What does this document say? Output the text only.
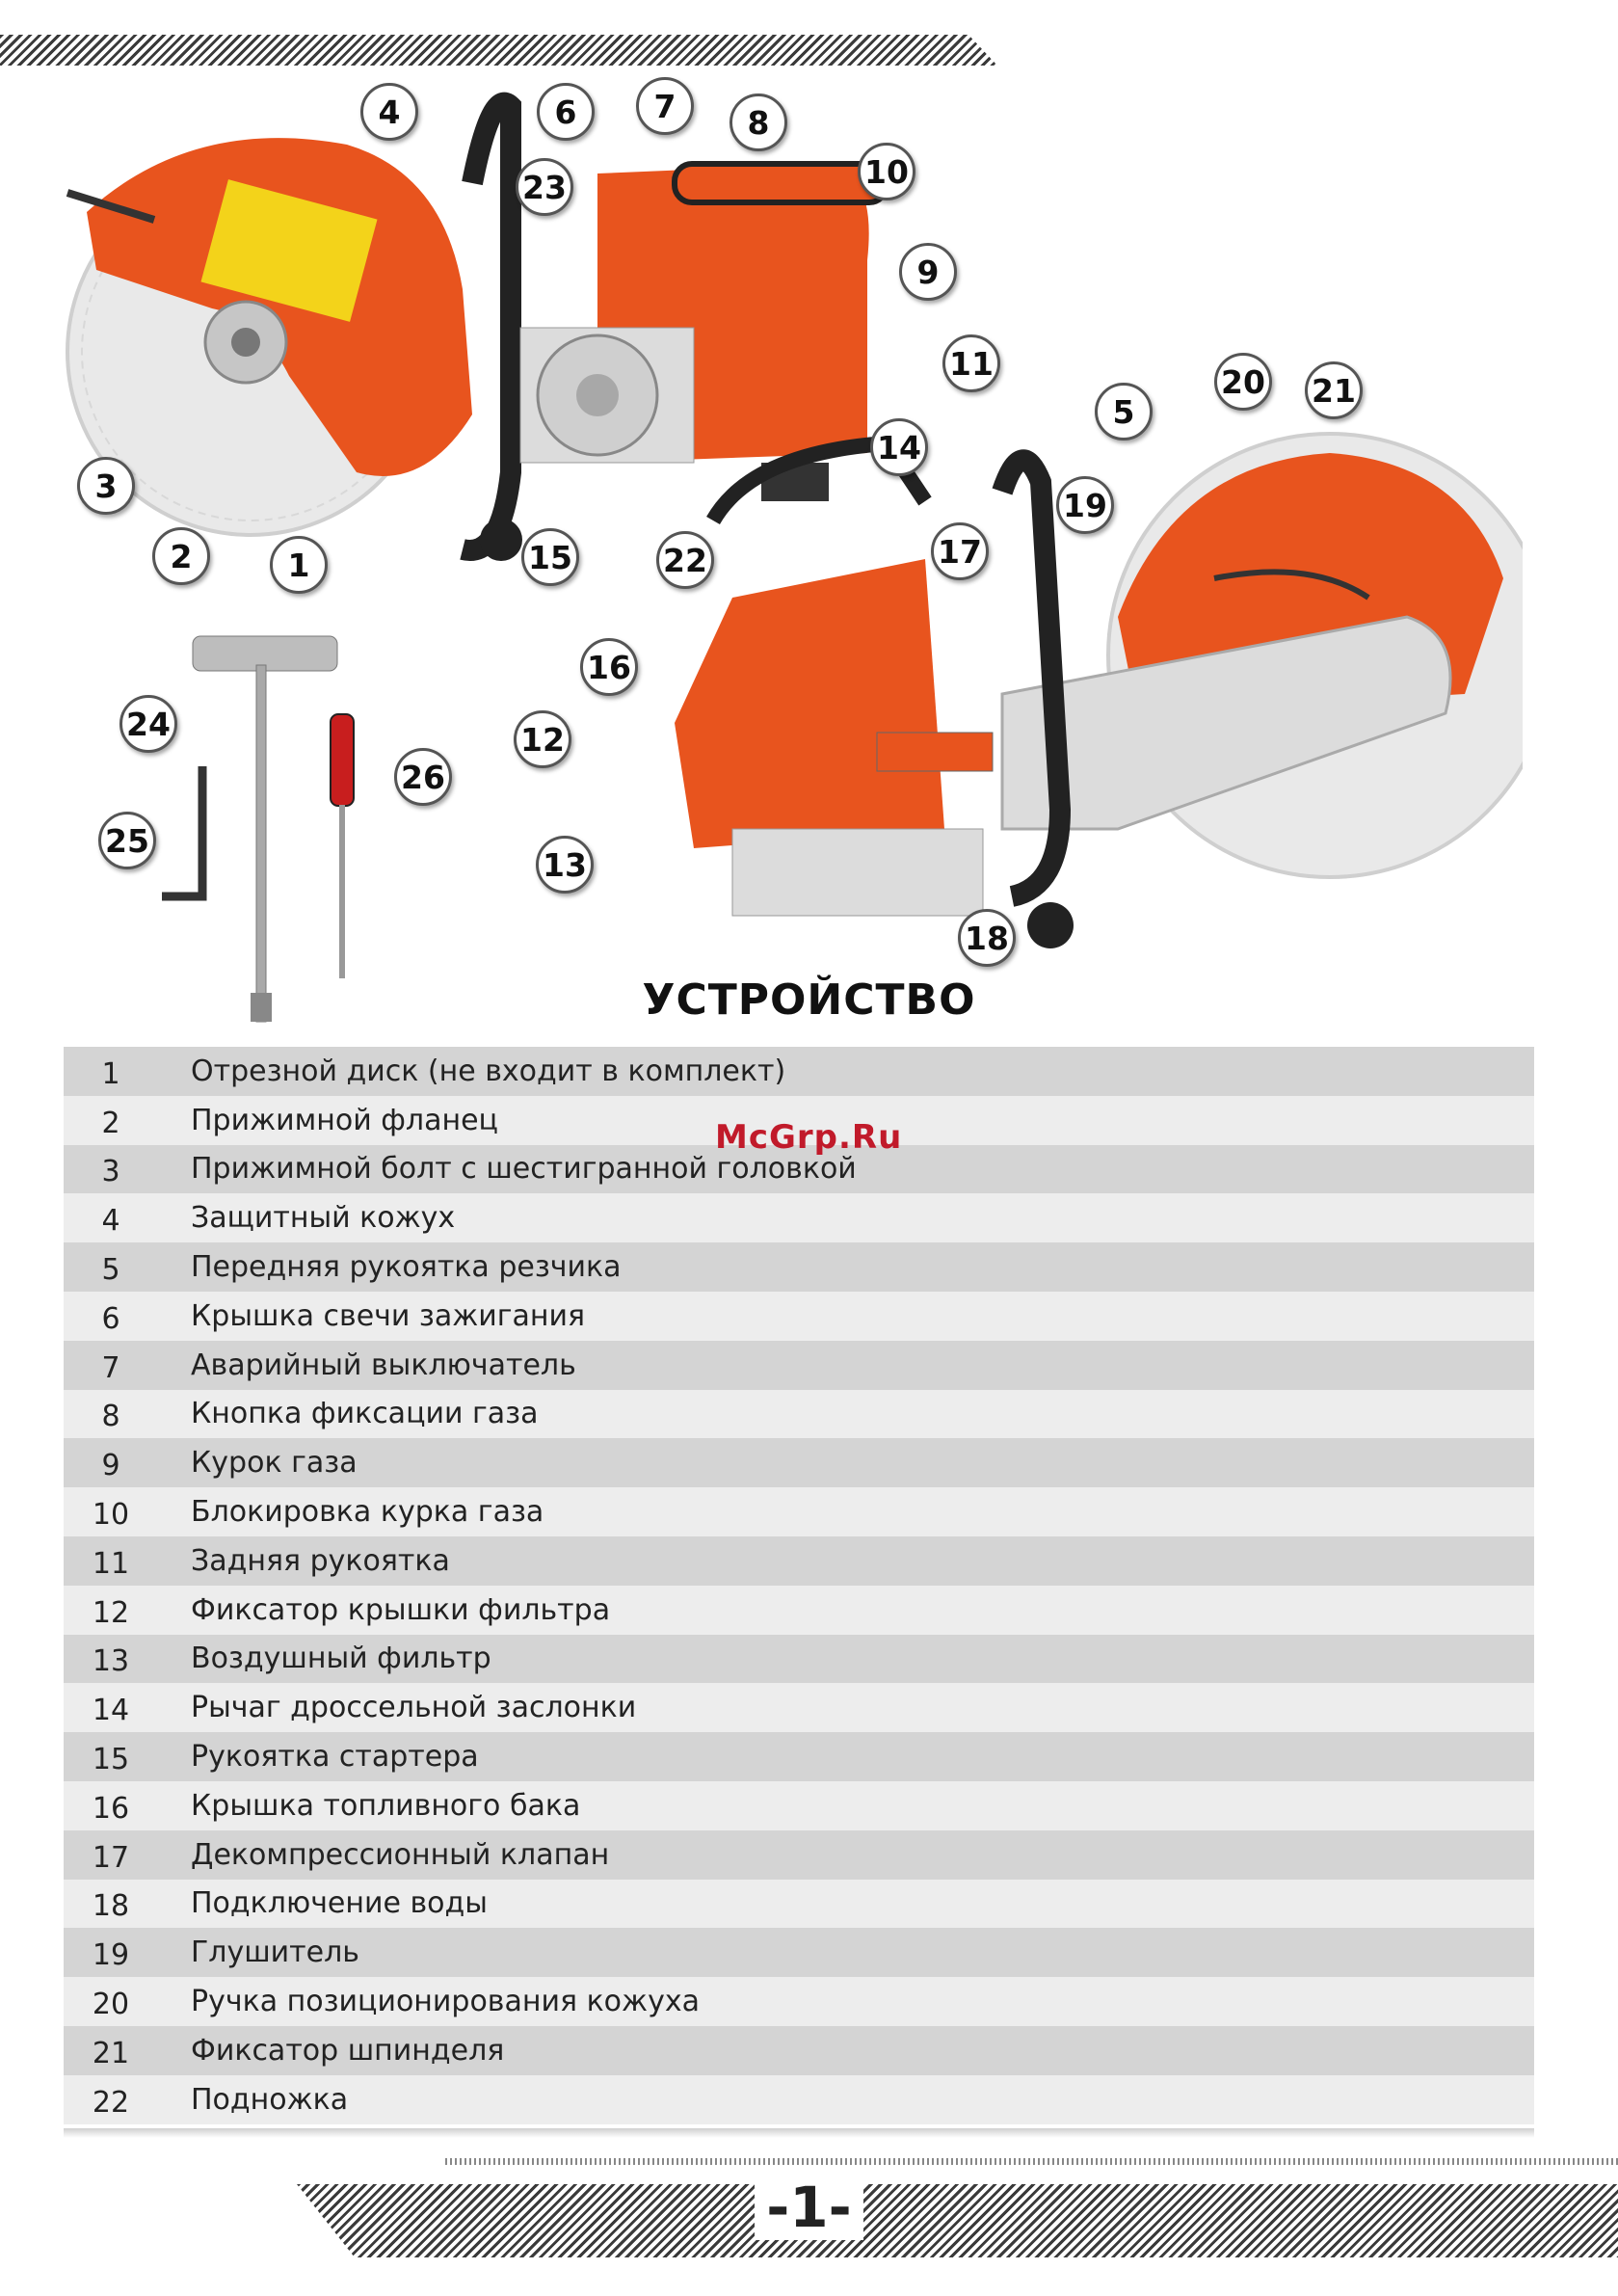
1
2
3
4
5
6	7	8
9
10
11
12
13
14
15
16
17
18
19
20 21
22
23
24
25
26
УСТРОЙСТВО
1	Отрезной диск (не входит в комплект)
2	Прижимной фланец
3	Прижимной болт с шестигранной головкой
4	Защитный кожух
5	Передняя рукоятка резчика
6	Крышка свечи зажигания
7	Аварийный выключатель
8	Кнопка фиксации газа
9	Курок газа
10	Блокировка курка газа
11	Задняя рукоятка
12	Фиксатор крышки фильтра
13	Воздушный фильтр
14	Рычаг дроссельной заслонки
15	Рукоятка стартера
16	Крышка топливного бака
17	Декомпрессионный клапан
18	Подключение воды
19	Глушитель
20	Ручка позиционирования кожуха
21	Фиксатор шпинделя
22	Подножка
McGrp.Ru
-1-
